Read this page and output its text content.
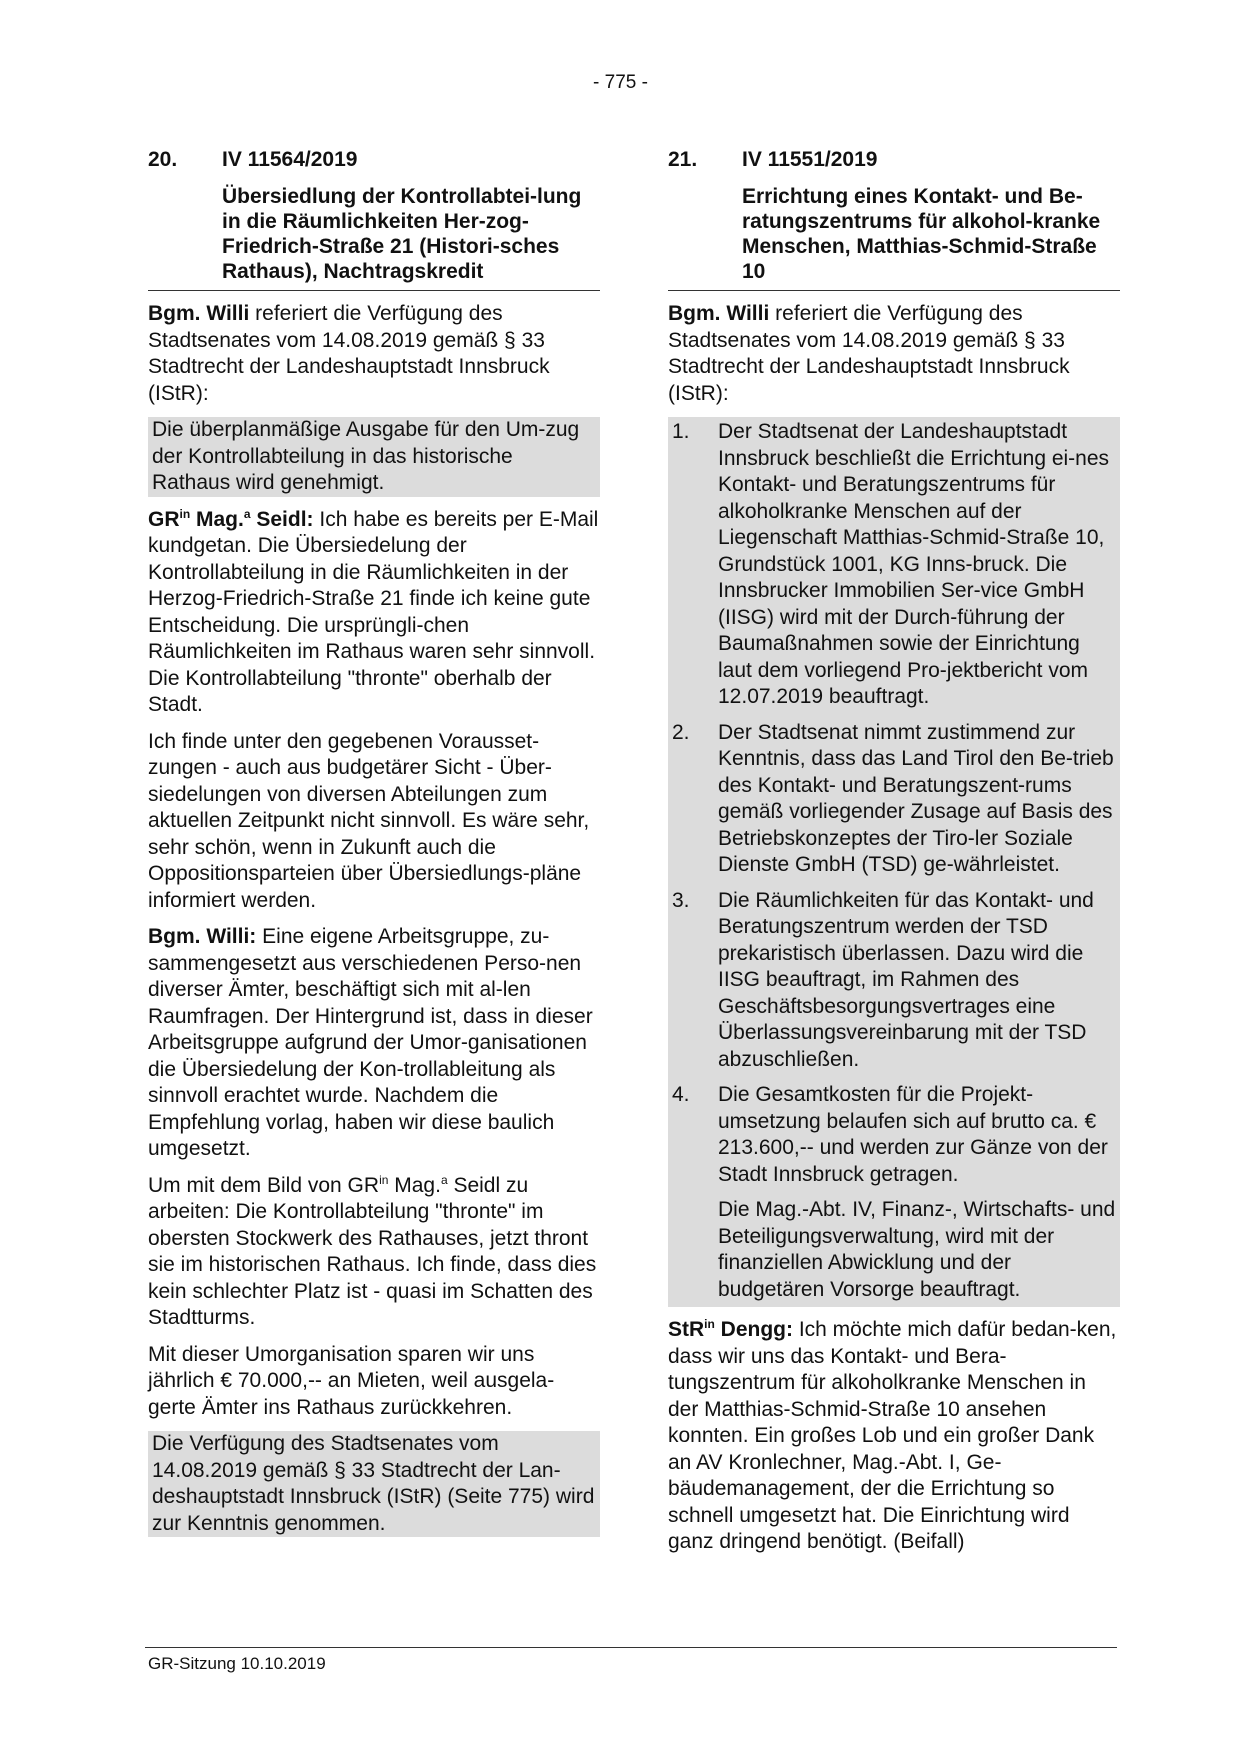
- 775 -
20.	IV 11564/2019
Übersiedlung der Kontrollabtei-lung in die Räumlichkeiten Her-zog-Friedrich-Straße 21 (Histori-sches Rathaus), Nachtragskredit

Bgm. Willi referiert die Verfügung des Stadtsenates vom 14.08.2019 gemäß § 33 Stadtrecht der Landeshauptstadt Innsbruck (IStR):

Die überplanmäßige Ausgabe für den Um-zug der Kontrollabteilung in das historische Rathaus wird genehmigt.

$GR^{in}$ Mag.$^a$ Seidl: Ich habe es bereits per E-Mail kundgetan. Die Übersiedelung der Kontrollabteilung in die Räumlichkeiten in der Herzog-Friedrich-Straße 21 finde ich keine gute Entscheidung. Die ursprüngli-chen Räumlichkeiten im Rathaus waren sehr sinnvoll. Die Kontrollabteilung "thronte" oberhalb der Stadt.

Ich finde unter den gegebenen Vorausset-zungen - auch aus budgetärer Sicht - Über-siedelungen von diversen Abteilungen zum aktuellen Zeitpunkt nicht sinnvoll. Es wäre sehr, sehr schön, wenn in Zukunft auch die Oppositionsparteien über Übersiedlungs-pläne informiert werden.

Bgm. Willi: Eine eigene Arbeitsgruppe, zu-sammengesetzt aus verschiedenen Perso-nen diverser Ämter, beschäftigt sich mit al-len Raumfragen. Der Hintergrund ist, dass in dieser Arbeitsgruppe aufgrund der Umor-ganisationen die Übersiedelung der Kon-trollableitung als sinnvoll erachtet wurde. Nachdem die Empfehlung vorlag, haben wir diese baulich umgesetzt.

Um mit dem Bild von $GR^{in}$ Mag.$^a$ Seidl zu arbeiten: Die Kontrollabteilung "thronte" im obersten Stockwerk des Rathauses, jetzt thront sie im historischen Rathaus. Ich finde, dass dies kein schlechter Platz ist - quasi im Schatten des Stadtturms.

Mit dieser Umorganisation sparen wir uns jährlich € 70.000,-- an Mieten, weil ausgela-gerte Ämter ins Rathaus zurückkehren.

Die Verfügung des Stadtsenates vom 14.08.2019 gemäß § 33 Stadtrecht der Lan-deshauptstadt Innsbruck (IStR) (Seite 775) wird zur Kenntnis genommen.

21.	IV 11551/2019
Errichtung eines Kontakt- und Be-ratungszentrums für alkohol-kranke Menschen, Matthias-Schmid-Straße 10

Bgm. Willi referiert die Verfügung des Stadtsenates vom 14.08.2019 gemäß § 33 Stadtrecht der Landeshauptstadt Innsbruck (IStR):

1.	Der Stadtsenat der Landeshauptstadt Innsbruck beschließt die Errichtung ei-nes Kontakt- und Beratungszentrums für alkoholkranke Menschen auf der Liegenschaft Matthias-Schmid-Straße 10, Grundstück 1001, KG Inns-bruck. Die Innsbrucker Immobilien Ser-vice GmbH (IISG) wird mit der Durch-führung der Baumaßnahmen sowie der Einrichtung laut dem vorliegend Pro-jektbericht vom 12.07.2019 beauftragt.
2.	Der Stadtsenat nimmt zustimmend zur Kenntnis, dass das Land Tirol den Be-trieb des Kontakt- und Beratungszent-rums gemäß vorliegender Zusage auf Basis des Betriebskonzeptes der Tiro-ler Soziale Dienste GmbH (TSD) ge-währleistet.
3.	Die Räumlichkeiten für das Kontakt- und Beratungszentrum werden der TSD prekaristisch überlassen. Dazu wird die IISG beauftragt, im Rahmen des Geschäftsbesorgungsvertrages eine Überlassungsvereinbarung mit der TSD abzuschließen.
4.	Die Gesamtkosten für die Projekt-umsetzung belaufen sich auf brutto ca. € 213.600,-- und werden zur Gänze von der Stadt Innsbruck getragen.
Die Mag.-Abt. IV, Finanz-, Wirtschafts- und Beteiligungsverwaltung, wird mit der finanziellen Abwicklung und der budgetären Vorsorge beauftragt.

StR$^{in}$ Dengg: Ich möchte mich dafür bedan-ken, dass wir uns das Kontakt- und Bera-tungszentrum für alkoholkranke Menschen in der Matthias-Schmid-Straße 10 ansehen konnten. Ein großes Lob und ein großer Dank an AV Kronlechner, Mag.-Abt. I, Ge-bäudemanagement, der die Errichtung so schnell umgesetzt hat. Die Einrichtung wird ganz dringend benötigt. (Beifall)

GR-Sitzung 10.10.2019
